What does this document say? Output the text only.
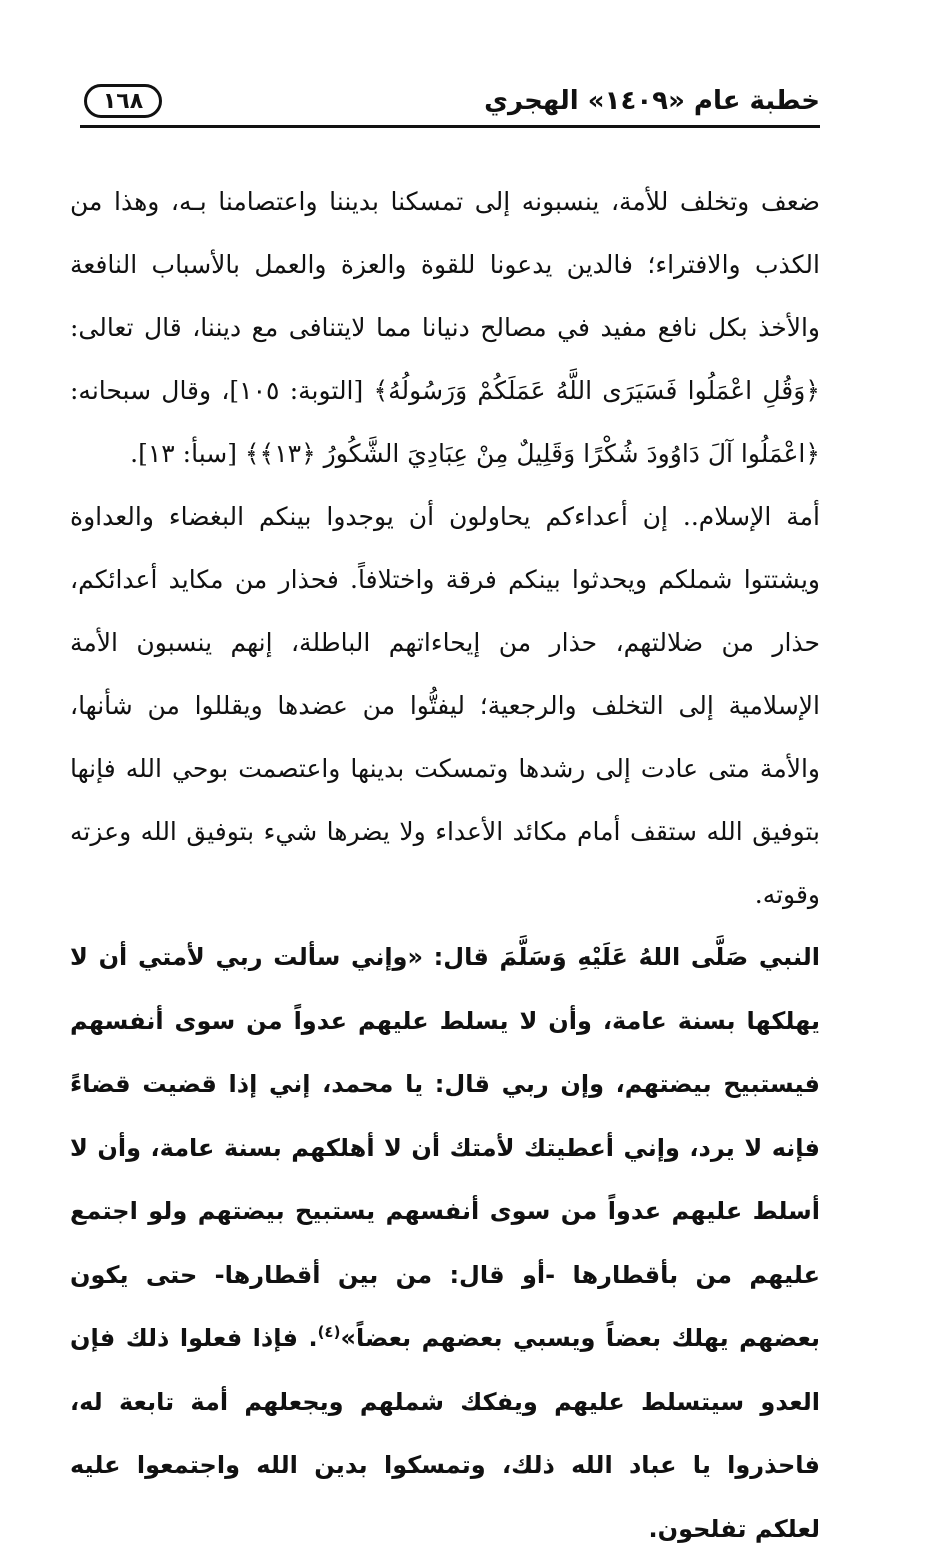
خطبة عام «١٤٠٩» الهجري
١٦٨

ضعف وتخلف للأمة، ينسبونه إلى تمسكنا بديننا واعتصامنا بـه، وهذا من الكذب والافتراء؛ فالدين يدعونا للقوة والعزة والعمل بالأسباب النافعة والأخذ بكل نافع مفيد في مصالح دنيانا مما لايتنافى مع ديننا، قال تعالى: ﴿وَقُلِ اعْمَلُوا فَسَيَرَى اللَّهُ عَمَلَكُمْ وَرَسُولُهُ﴾ [التوبة: ١٠٥]، وقال سبحانه: ﴿اعْمَلُوا آلَ دَاوُودَ شُكْرًا وَقَلِيلٌ مِنْ عِبَادِيَ الشَّكُورُ ﴿١٣﴾﴾ [سبأ: ١٣].

أمة الإسلام.. إن أعداءكم يحاولون أن يوجدوا بينكم البغضاء والعداوة ويشتتوا شملكم ويحدثوا بينكم فرقة واختلافاً. فحذار من مكايد أعدائكم، حذار من ضلالتهم، حذار من إيحاءاتهم الباطلة، إنهم ينسبون الأمة الإسلامية إلى التخلف والرجعية؛ ليفتُّوا من عضدها ويقللوا من شأنها، والأمة متى عادت إلى رشدها وتمسكت بدينها واعتصمت بوحي الله فإنها بتوفيق الله ستقف أمام مكائد الأعداء ولا يضرها شيء بتوفيق الله وعزته وقوته.

النبي صَلَّى اللهُ عَلَيْهِ وَسَلَّمَ قال: «وإني سألت ربي لأمتي أن لا يهلكها بسنة عامة، وأن لا يسلط عليهم عدواً من سوى أنفسهم فيستبيح بيضتهم، وإن ربي قال: يا محمد، إني إذا قضيت قضاءً فإنه لا يرد، وإني أعطيتك لأمتك أن لا أهلكهم بسنة عامة، وأن لا أسلط عليهم عدواً من سوى أنفسهم يستبيح بيضتهم ولو اجتمع عليهم من بأقطارها -أو قال: من بين أقطارها- حتى يكون بعضهم يهلك بعضاً ويسبي بعضهم بعضاً»$^{(٤)}$. فإذا فعلوا ذلك فإن العدو سيتسلط عليهم ويفكك شملهم ويجعلهم أمة تابعة له، فاحذروا يا عباد الله ذلك، وتمسكوا بدين الله واجتمعوا عليه لعلكم تفلحون.
